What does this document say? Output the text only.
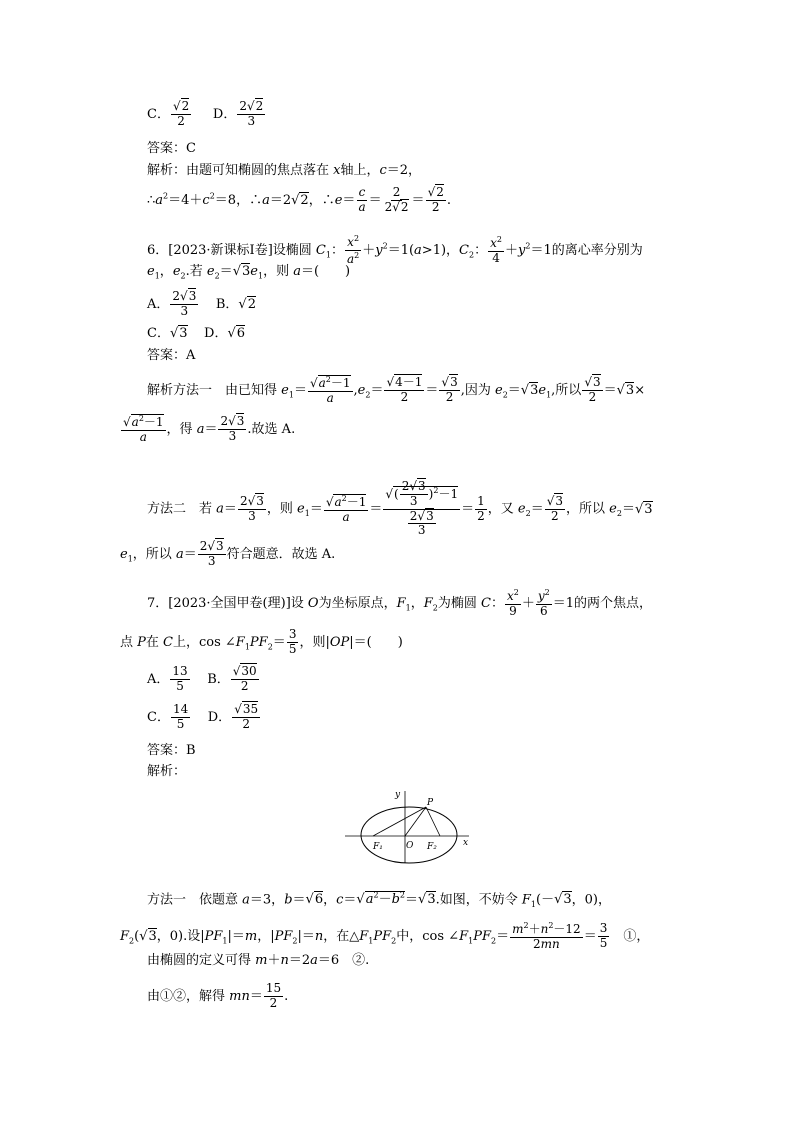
C．
√ $\frac{2}{2}$ D． $\frac{2√ 2}{3}$
答案：C
解析：由题可知椭圆的焦点落在 x轴上，c＝2，
$\therefore a^2=4+c^2=8$，∴a＝2√ 2，∴e＝ $\frac{c}{a} = \frac{2}{2√ 2}$ ＝
√ $\frac{2}{2}$ .
6．[2023·新课标Ⅰ卷]设椭圆 $C_1$： $\frac{x^2}{a^2} +y^2=1(a>1)$，$C_2$： $\frac{x^2}{4} +y^2=1$的离心率分别为
$e_1$，$e_2$.若 $e_2=√$ $3e_1$，则 a＝(　　)
A． $\frac{2√ 3}{3}$ B．√ 2
C．√ 3    D．√ 6
答案：A
解析方法一　由已知得 $e_1=$
√ $\frac{a^2-1}{a} ,e_2=$
√ $\frac{4-1}{2}$ ＝
√ $\frac{3}{2}$ ,因为 $e_2=√$ $3e_1$,所以
√ $\frac{3}{2}$ ＝√ 3×
√ $\frac{a^2-1}{a}$ ，得 $a= \frac{2√ 3}{3}$ .故选 A.
方法二　若 $a= \frac{2√ 3}{3}$ ，则 $e_1=$
√ $\frac{a^2-1}{a}$ ＝
√ $\frac{( \frac{2√ 3}{3} )^2-1}{\frac{2√ 3}{3}} = \frac{1}{2}$ ，又 $e_2=$
√ $\frac{3}{2}$ ，所以 $e_2=√$ 3
$e_1$，所以 $a= \frac{2√ 3}{3}$ 符合题意．故选 A.
7．[2023·全国甲卷(理)]设 O为坐标原点，$F_1$，$F_2$为椭圆 C： $\frac{x^2}{9} + \frac{y^2}{6} =1$的两个焦点，
点 P在 C上，$\cos \angle F_1PF_2= \frac{3}{5}$ ，则|OP|＝(　　)
A． $\frac{13}{5}$ B．
√ $\frac{30}{2}$
C． $\frac{14}{5}$ D．
√ $\frac{35}{2}$
答案：B
解析：
y
P
F₁	O F₂	x
方法一　依题意 a＝3，b＝√ 6，c＝√ $a^2-b^2=√$ 3.如图，不妨令 $F_1(-√$ 3，0)，
$F_2(√$ 3，0).设$|PF_1|=m$，$|PF_2|=n$，在$\triangle F_1PF_2$中，$\cos \angle F_1PF_2= \frac{m^2+n^2-12}{2mn} = \frac{3}{5}$ 　①，
由椭圆的定义可得 m＋n＝2a＝6　②.
由①②，解得 $mn= \frac{15}{2}$ .
